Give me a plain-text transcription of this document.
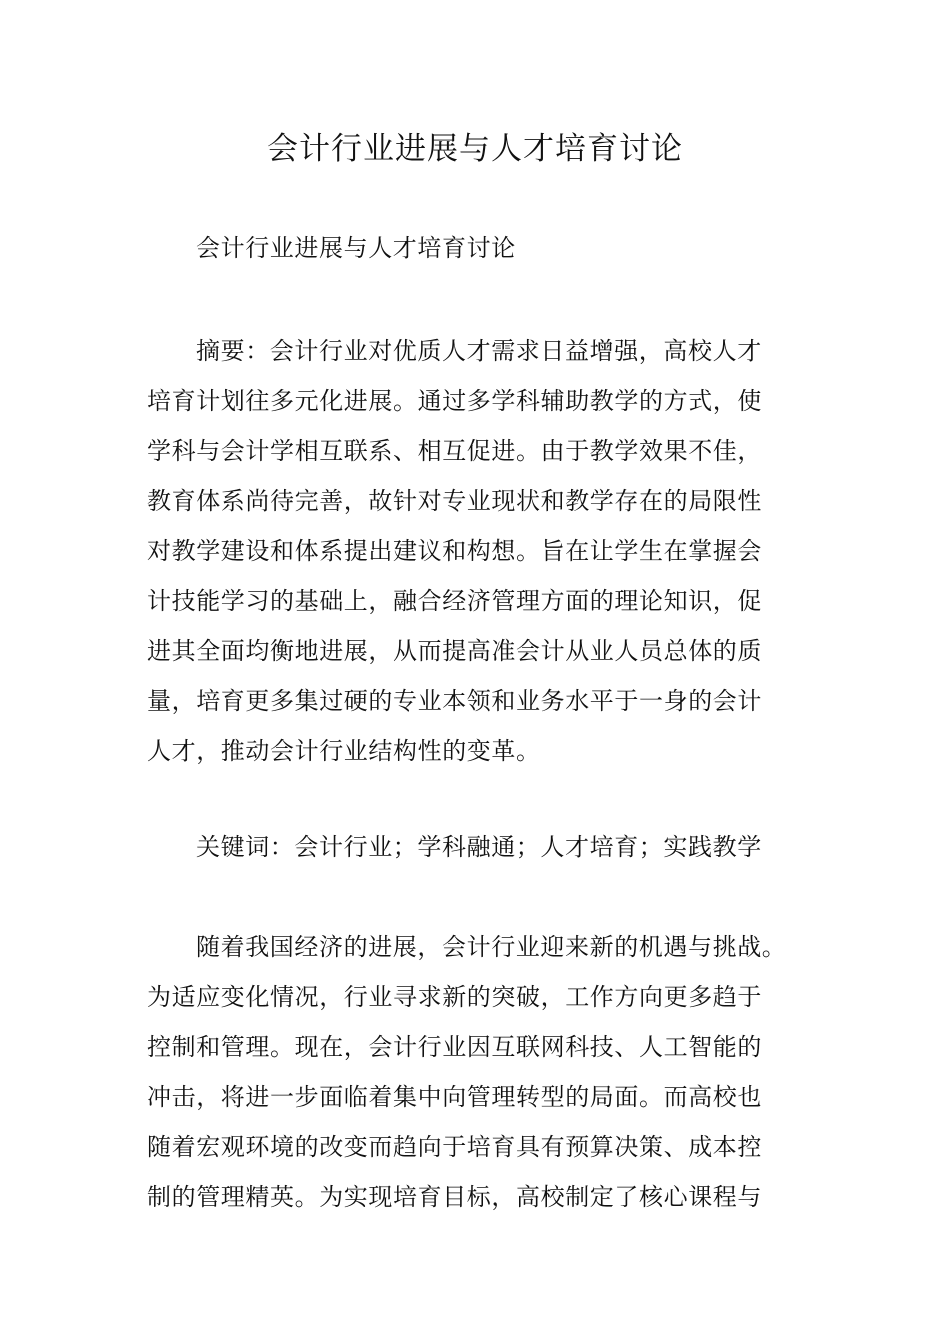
会计行业进展与人才培育讨论
会计行业进展与人才培育讨论
摘要：会计行业对优质人才需求日益增强，高校人才
培育计划往多元化进展。通过多学科辅助教学的方式，使
学科与会计学相互联系、相互促进。由于教学效果不佳，
教育体系尚待完善，故针对专业现状和教学存在的局限性
对教学建设和体系提出建议和构想。旨在让学生在掌握会
计技能学习的基础上，融合经济管理方面的理论知识，促
进其全面均衡地进展，从而提高准会计从业人员总体的质
量，培育更多集过硬的专业本领和业务水平于一身的会计
人才，推动会计行业结构性的变革。
关键词：会计行业；学科融通；人才培育；实践教学
随着我国经济的进展，会计行业迎来新的机遇与挑战。
为适应变化情况，行业寻求新的突破，工作方向更多趋于
控制和管理。现在，会计行业因互联网科技、人工智能的
冲击，将进一步面临着集中向管理转型的局面。而高校也
随着宏观环境的改变而趋向于培育具有预算决策、成本控
制的管理精英。为实现培育目标，高校制定了核心课程与
